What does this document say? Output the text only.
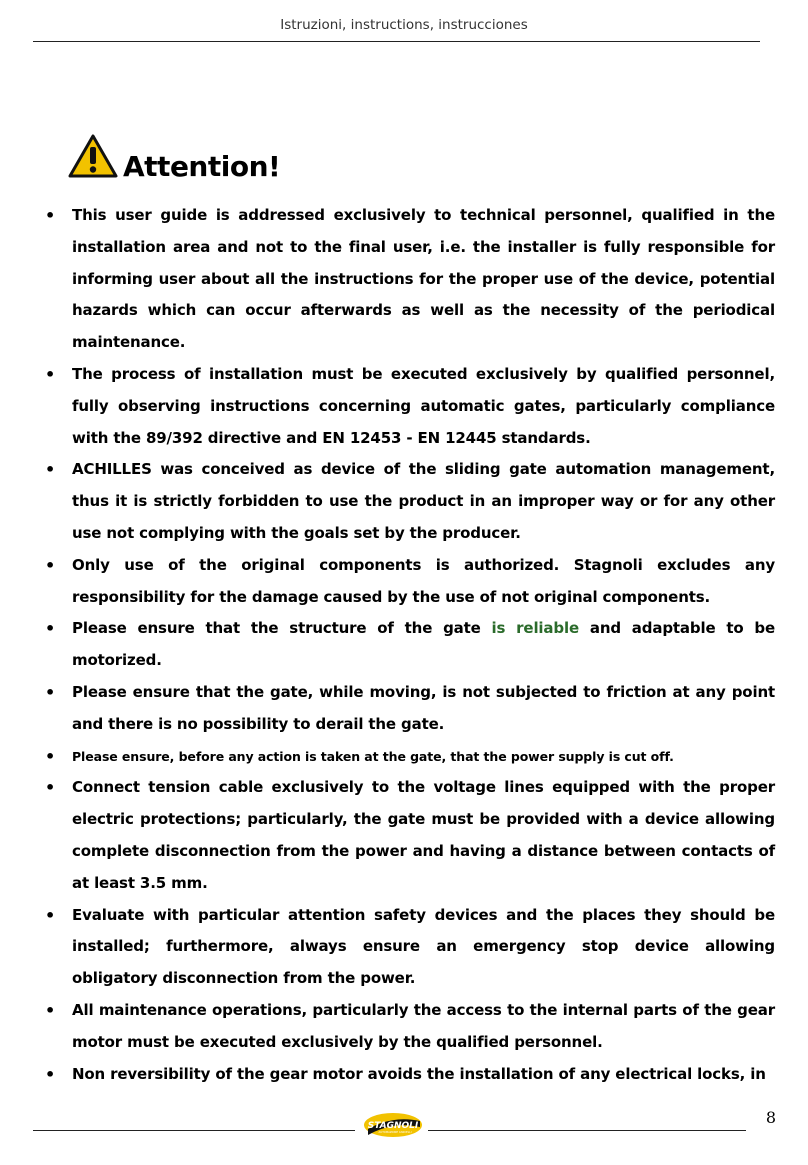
Istruzioni, instructions, instrucciones
Attention!
• This user guide is addressed exclusively to technical personnel, qualified in the installation area and not to the final user, i.e. the installer is fully responsible for informing user about all the instructions for the proper use of the device, potential hazards which can occur afterwards as well as the necessity of the periodical maintenance.
• The process of installation must be executed exclusively by qualified personnel, fully observing instructions concerning automatic gates, particularly compliance with the 89/392 directive and EN 12453 - EN 12445 standards.
• ACHILLES was conceived as device of the sliding gate automation management, thus it is strictly forbidden to use the product in an improper way or for any other use not complying with the goals set by the producer.
• Only use of the original components is authorized. Stagnoli excludes any responsibility for the damage caused by the use of not original components.
• Please ensure that the structure of the gate is reliable and adaptable to be motorized.
• Please ensure that the gate, while moving, is not subjected to friction at any point and there is no possibility to derail the gate.
• Please ensure, before any action is taken at the gate, that the power supply is cut off.
• Connect tension cable exclusively to the voltage lines equipped with the proper electric protections; particularly, the gate must be provided with a device allowing complete disconnection from the power and having a distance between contacts of at least 3.5 mm.
• Evaluate with particular attention safety devices and the places they should be installed; furthermore, always ensure an emergency stop device allowing obligatory disconnection from the power.
• All maintenance operations, particularly the access to the internal parts of the gear motor must be executed exclusively by the qualified personnel.
• Non reversibility of the gear motor avoids the installation of any electrical locks, in
8
STAGNOLI
AUTOMAZIONE CANCELLI
